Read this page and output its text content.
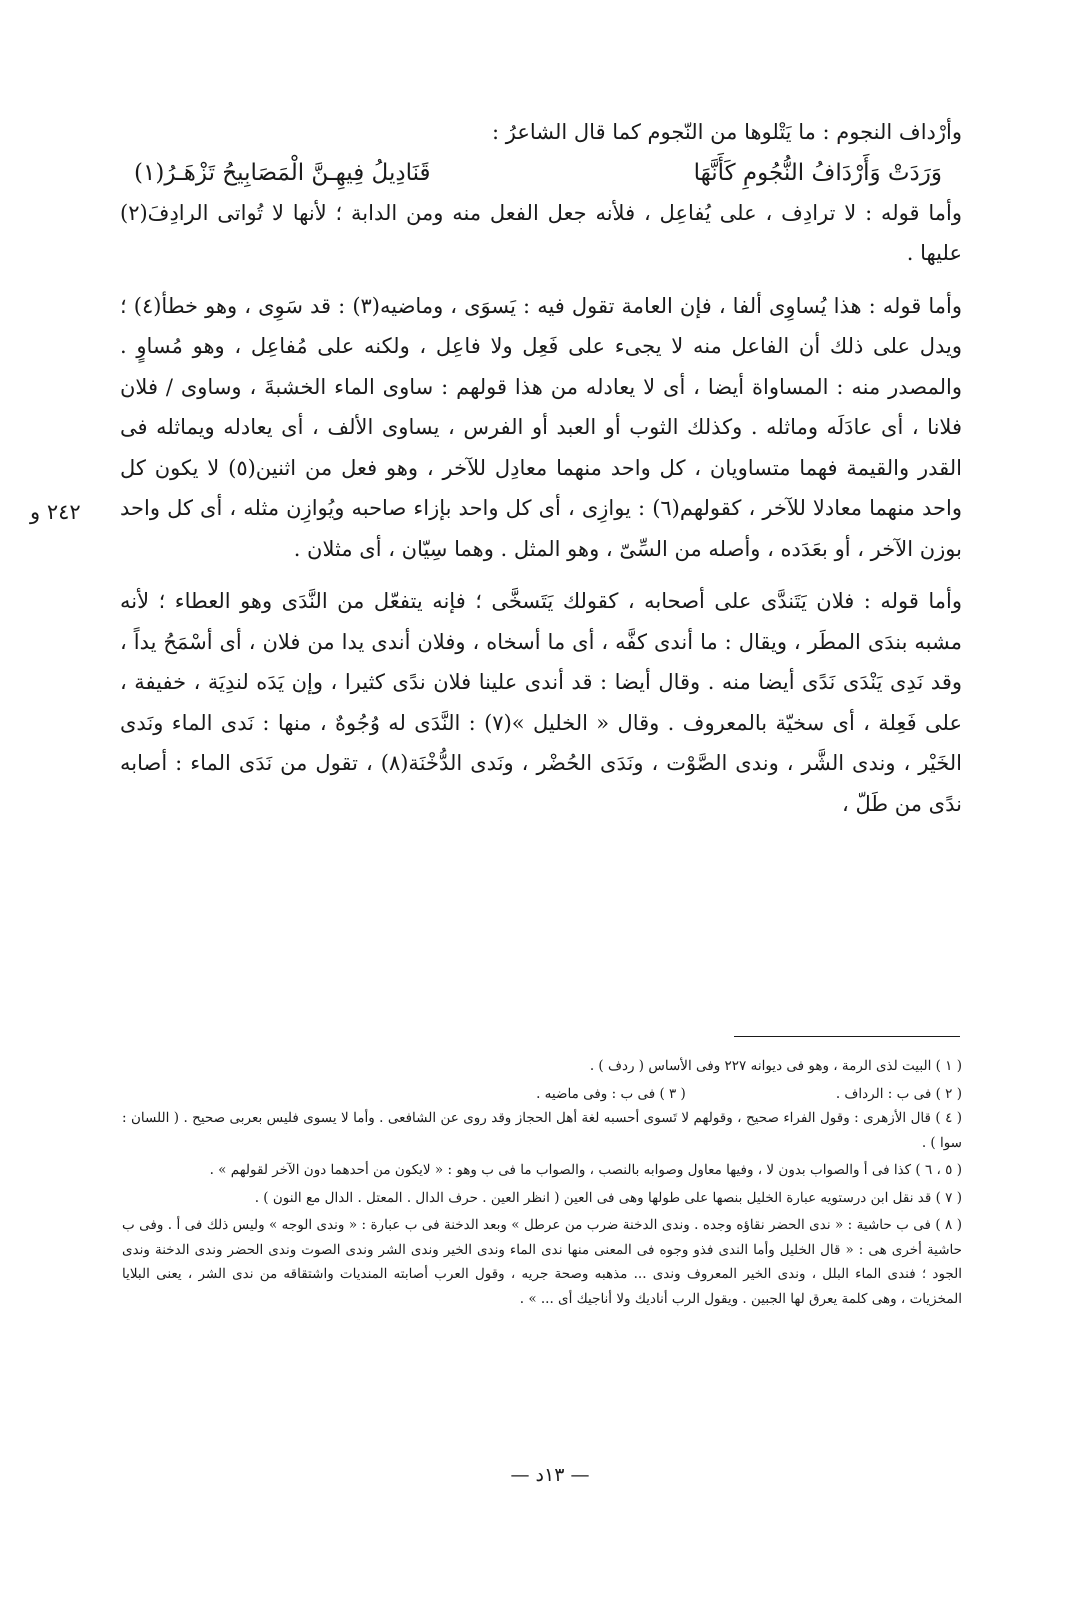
وأرْداف النجوم : ما يَتْلوها من النّجوم كما قال الشاعرُ :

وَرَدَتْ وَأَرْدَافُ النُّجُومِ كَأَنَّهَا
قَنَادِيلُ فِيهِـنَّ الْمَصَابِيحُ تَزْهَـرُ(١)

وأما قوله : لا ترادِف ، على يُفاعِل ، فلأنه جعل الفعل منه ومن الدابة ؛ لأنها لا تُواتى الرادِفَ(٢) عليها .

وأما قوله : هذا يُساوِى ألفا ، فإن العامة تقول فيه : يَسوَى ، وماضيه(٣) : قد سَوِى ، وهو خطأ(٤) ؛ ويدل على ذلك أن الفاعل منه لا يجىء على فَعِل ولا فاعِل ، ولكنه على مُفاعِل ، وهو مُساوٍ . والمصدر منه : المساواة أيضا ، أى لا يعادله من هذا قولهم : ساوى الماء الخشبةَ ، وساوى / فلان فلانا ، أى عادَلَه وماثله . وكذلك الثوب أو العبد أو الفرس ، يساوى الألف ، أى يعادله ويماثله فى القدر والقيمة فهما متساويان ، كل واحد منهما معادِل للآخر ، وهو فعل من اثنين(٥) لا يكون كل واحد منهما معادلا للآخر ، كقولهم(٦) : يوازِى ، أى كل واحد بإزاء صاحبه ويُوازِن مثله ، أى كل واحد بوزن الآخر ، أو بعَدَده ، وأصله من السِّىّ ، وهو المثل . وهما سِيّان ، أى مثلان .

وأما قوله : فلان يَتَندَّى على أصحابه ، كقولك يَتَسخَّى ؛ فإنه يتفعّل من النَّدَى وهو العطاء ؛ لأنه مشبه بندَى المطَر ، ويقال : ما أندى كفَّه ، أى ما أسخاه ، وفلان أندى يدا من فلان ، أى أسْمَحُ يداً ، وقد نَدِى يَنْدَى نَدًى أيضا منه . وقال أيضا : قد أندى علينا فلان ندًى كثيرا ، وإن يَدَه لندِيَة ، خفيفة ، على فَعِلة ، أى سخيّة بالمعروف . وقال « الخليل »(٧) : النَّدَى له وُجُوهٌ ، منها : نَدى الماء ونَدى الخَيْر ، وندى الشَّر ، وندى الصَّوْت ، ونَدَى الحُضْر ، ونَدى الدُّخْنَة(٨) ، تقول من نَدَى الماء : أصابه ندًى من طَلّ ،

٢٤٢ و

( ١ ) البيت لذى الرمة ، وهو فى ديوانه ٢٢٧ وفى الأساس ( ردف ) .

( ٢ ) فى ب : الرداف .
( ٣ ) فى ب : وفى ماضيه .

( ٤ ) قال الأزهرى : وقول الفراء صحيح ، وقولهم لا تَسوى أحسبه لغة أهل الحجاز وقد روى عن الشافعى . وأما لا يسوى فليس بعربى صحيح . ( اللسان : سوا ) .

( ٥ ، ٦ ) كذا فى أ والصواب بدون لا ، وفيها معاول وصوابه بالنصب ، والصواب ما فى ب وهو : « لايكون من أحدهما دون الآخر لقولهم » .

( ٧ ) قد نقل ابن درستويه عبارة الخليل بنصها على طولها وهى فى العين ( انظر العين . حرف الدال . المعتل . الدال مع النون ) .

( ٨ ) فى ب حاشية : « ندى الحضر نقاؤه وجده . وندى الدخنة ضرب من عرطل » وبعد الدخنة فى ب عبارة : « وندى الوجه » وليس ذلك فى أ . وفى ب حاشية أخرى هى : « قال الخليل وأما الندى فذو وجوه فى المعنى منها ندى الماء وندى الخير وندى الشر وندى الصوت وندى الحضر وندى الدخنة وندى الجود ؛ فندى الماء البلل ، وندى الخير المعروف وندى ... مذهبه وصحة جريه ، وقول العرب أصابته المنديات واشتقاقه من ندى الشر ، يعنى البلايا المخزيات ، وهى كلمة يعرق لها الجبين . ويقول الرب أناديك ولا أناجيك أى ... » .

— ١٣د —
